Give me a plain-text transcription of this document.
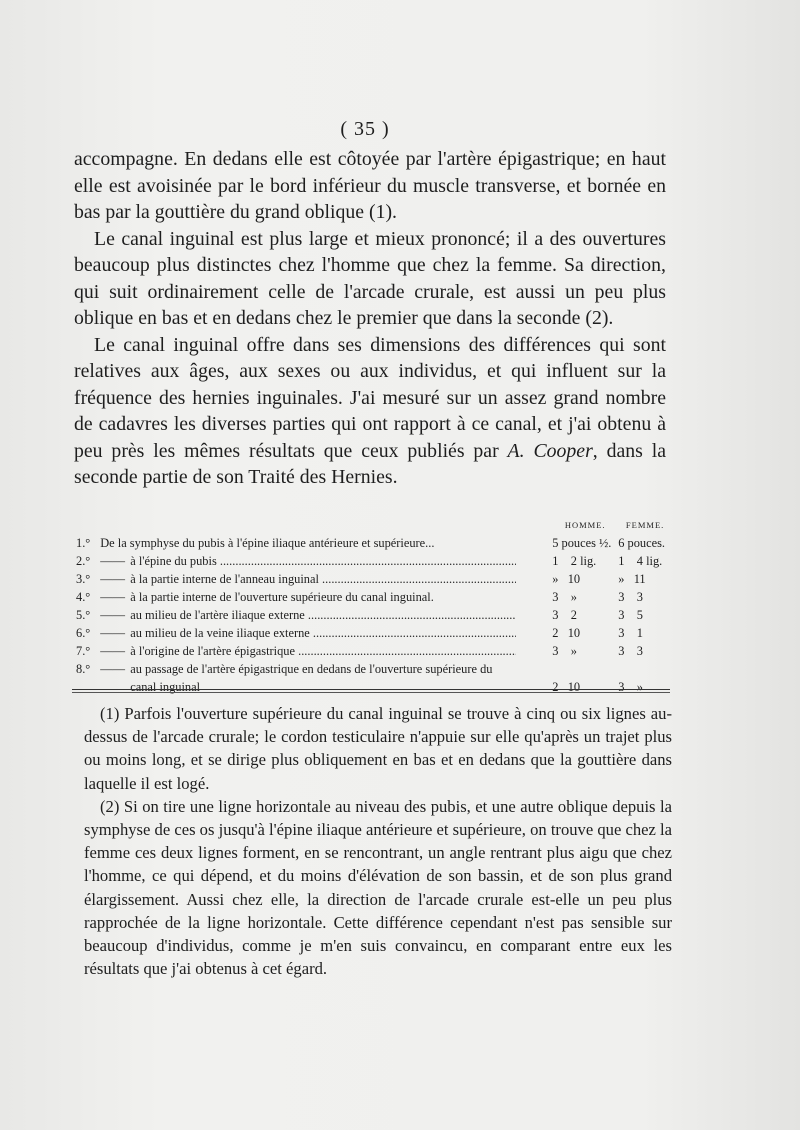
( 35 )

accompagne. En dedans elle est côtoyée par l'artère épigastrique; en haut elle est avoisinée par le bord inférieur du muscle transverse, et bornée en bas par la gouttière du grand oblique (1).

Le canal inguinal est plus large et mieux prononcé; il a des ouvertures beaucoup plus distinctes chez l'homme que chez la femme. Sa direction, qui suit ordinairement celle de l'arcade crurale, est aussi un peu plus oblique en bas et en dedans chez le premier que dans la seconde (2).

Le canal inguinal offre dans ses dimensions des différences qui sont relatives aux âges, aux sexes ou aux individus, et qui influent sur la fréquence des hernies inguinales. J'ai mesuré sur un assez grand nombre de cadavres les diverses parties qui ont rapport à ce canal, et j'ai obtenu à peu près les mêmes résultats que ceux publiés par A. Cooper, dans la seconde partie de son Traité des Hernies.

			HOMME.	FEMME.
1.°	De la symphyse du pubis à l'épine iliaque antérieure et supérieure...		5 pouces ½.	6 pouces.
2.°	——	à l'épine du pubis .....	1    2 lig.	1    4 lig.
3.°	——	à la partie interne de l'anneau inguinal .....	»   10	»   11
4.°	——	à la partie interne de l'ouverture supérieure du canal inguinal.	3    »	3    3
5.°	——	au milieu de l'artère iliaque externe .....	3    2	3    5
6.°	——	au milieu de la veine iliaque externe .....	2   10	3    1
7.°	——	à l'origine de l'artère épigastrique .....	3    »	3    3
8.°	——	au passage de l'artère épigastrique en dedans de l'ouverture supérieure du canal inguinal	2   10	3    »

(1) Parfois l'ouverture supérieure du canal inguinal se trouve à cinq ou six lignes au-dessus de l'arcade crurale; le cordon testiculaire n'appuie sur elle qu'après un trajet plus ou moins long, et se dirige plus obliquement en bas et en dedans que la gouttière dans laquelle il est logé.

(2) Si on tire une ligne horizontale au niveau des pubis, et une autre oblique depuis la symphyse de ces os jusqu'à l'épine iliaque antérieure et supérieure, on trouve que chez la femme ces deux lignes forment, en se rencontrant, un angle rentrant plus aigu que chez l'homme, ce qui dépend, et du moins d'élévation de son bassin, et de son plus grand élargissement. Aussi chez elle, la direction de l'arcade crurale est-elle un peu plus rapprochée de la ligne horizontale. Cette différence cependant n'est pas sensible sur beaucoup d'individus, comme je m'en suis convaincu, en comparant entre eux les résultats que j'ai obtenus à cet égard.
